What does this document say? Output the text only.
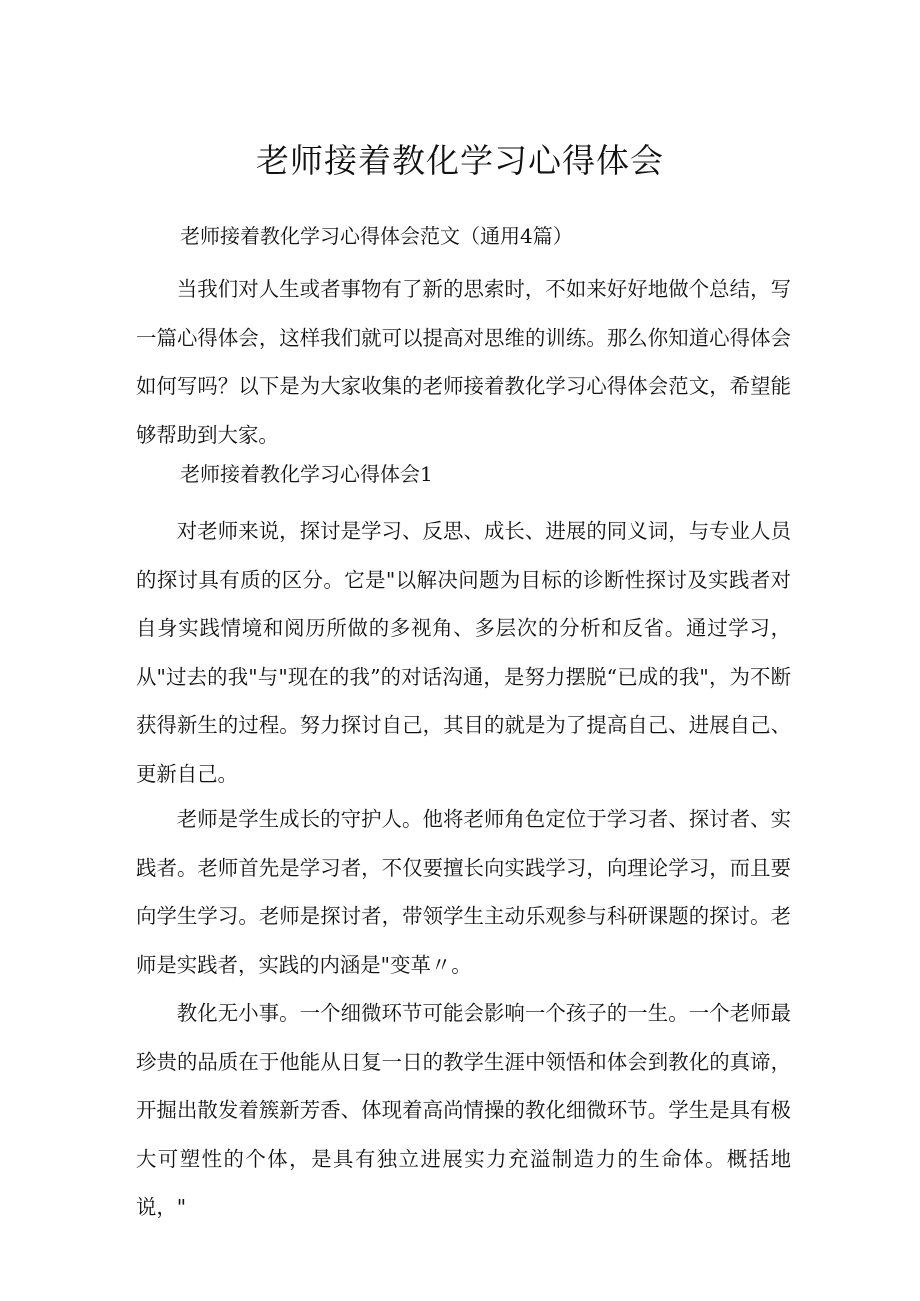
老师接着教化学习心得体会
老师接着教化学习心得体会范文（通用4篇）

当我们对人生或者事物有了新的思索时，不如来好好地做个总结，写一篇心得体会，这样我们就可以提高对思维的训练。那么你知道心得体会如何写吗？以下是为大家收集的老师接着教化学习心得体会范文，希望能够帮助到大家。

老师接着教化学习心得体会1

对老师来说，探讨是学习、反思、成长、进展的同义词，与专业人员的探讨具有质的区分。它是"以解决问题为目标的诊断性探讨及实践者对自身实践情境和阅历所做的多视角、多层次的分析和反省。通过学习，从"过去的我"与"现在的我”的对话沟通，是努力摆脱“已成的我"，为不断获得新生的过程。努力探讨自己，其目的就是为了提高自己、进展自己、更新自己。

老师是学生成长的守护人。他将老师角色定位于学习者、探讨者、实践者。老师首先是学习者，不仅要擅长向实践学习，向理论学习，而且要向学生学习。老师是探讨者，带领学生主动乐观参与科研课题的探讨。老师是实践者，实践的内涵是"变革〃。

教化无小事。一个细微环节可能会影响一个孩子的一生。一个老师最珍贵的品质在于他能从日复一日的教学生涯中领悟和体会到教化的真谛，开掘出散发着簇新芳香、体现着高尚情操的教化细微环节。学生是具有极大可塑性的个体，是具有独立进展实力充溢制造力的生命体。概括地说，"
